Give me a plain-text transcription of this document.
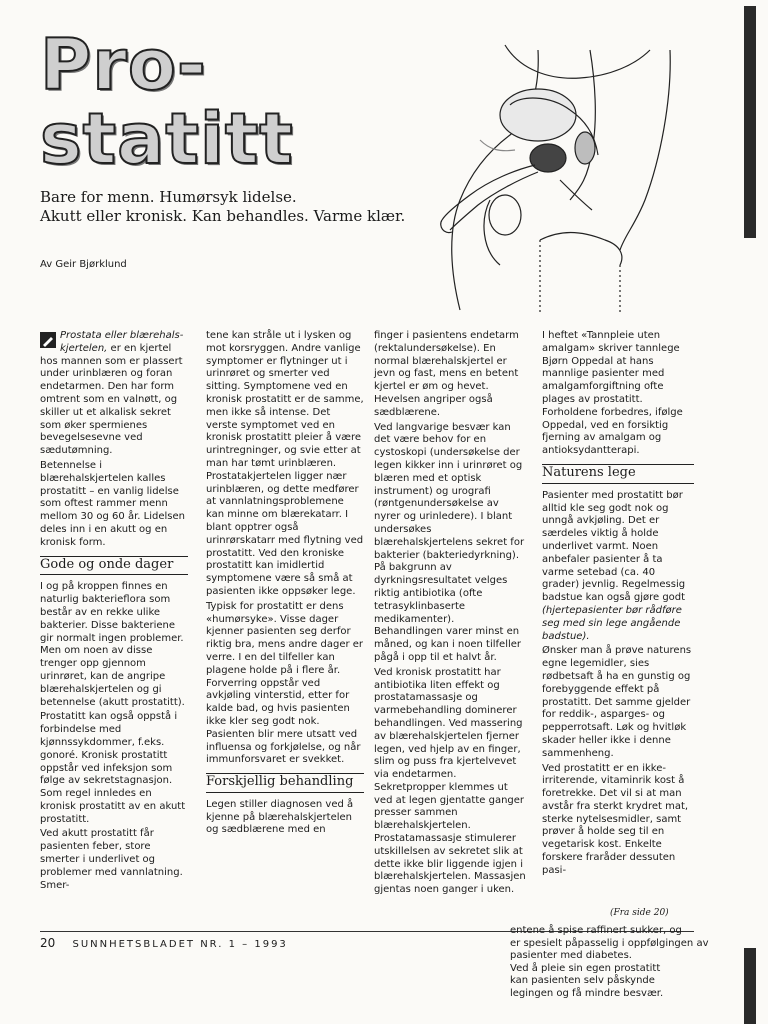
Pro-
statitt
Bare for menn. Humørsyk lidelse.
Akutt eller kronisk. Kan behandles. Varme klær.
Av Geir Bjørklund

Prostata eller blærehals-kjertelen, er en kjertel hos mannen som er plassert under urinblæren og foran endetarmen. Den har form omtrent som en valnøtt, og skiller ut et alkalisk sekret som øker spermienes bevegelsesevne ved sædutømning.

Betennelse i blærehalskjertelen kalles prostatitt – en vanlig lidelse som oftest rammer menn mellom 30 og 60 år. Lidelsen deles inn i en akutt og en kronisk form.

Gode og onde dager

I og på kroppen finnes en naturlig bakterieflora som består av en rekke ulike bakterier. Disse bakteriene gir normalt ingen problemer. Men om noen av disse trenger opp gjennom urinrøret, kan de angripe blærehalskjertelen og gi betennelse (akutt prostatitt).

Prostatitt kan også oppstå i forbindelse med kjønnssykdommer, f.eks. gonoré. Kronisk prostatitt oppstår ved infeksjon som følge av sekretstagnasjon. Som regel innledes en kronisk prostatitt av en akutt prostatitt.

Ved akutt prostatitt får pasienten feber, store smerter i underlivet og problemer med vannlatning. Smer-

tene kan stråle ut i lysken og mot korsryggen. Andre vanlige symptomer er flytninger ut i urinrøret og smerter ved sitting. Symptomene ved en kronisk prostatitt er de samme, men ikke så intense. Det verste symptomet ved en kronisk prostatitt pleier å være urintregninger, og svie etter at man har tømt urinblæren. Prostatakjertelen ligger nær urinblæren, og dette medfører at vannlatningsproblemene kan minne om blærekatarr. I blant opptrer også urinrørskatarr med flytning ved prostatitt. Ved den kroniske prostatitt kan imidlertid symptomene være så små at pasienten ikke oppsøker lege.

Typisk for prostatitt er dens «humørsyke». Visse dager kjenner pasienten seg derfor riktig bra, mens andre dager er verre. I en del tilfeller kan plagene holde på i flere år. Forverring oppstår ved avkjøling vinterstid, etter for kalde bad, og hvis pasienten ikke kler seg godt nok. Pasienten blir mere utsatt ved influensa og forkjølelse, og når immunforsvaret er svekket.

Forskjellig behandling

Legen stiller diagnosen ved å kjenne på blærehalskjertelen og sædblærene med en

finger i pasientens endetarm (rektalundersøkelse). En normal blærehalskjertel er jevn og fast, mens en betent kjertel er øm og hevet. Hevelsen angriper også sædblærene.

Ved langvarige besvær kan det være behov for en cystoskopi (undersøkelse der legen kikker inn i urinrøret og blæren med et optisk instrument) og urografi (røntgenundersøkelse av nyrer og urinledere). I blant undersøkes blærehalskjertelens sekret for bakterier (bakteriedyrkning). På bakgrunn av dyrkningsresultatet velges riktig antibiotika (ofte tetrasyklinbaserte medikamenter). Behandlingen varer minst en måned, og kan i noen tilfeller pågå i opp til et halvt år.

Ved kronisk prostatitt har antibiotika liten effekt og prostatamassasje og varmebehandling dominerer behandlingen. Ved massering av blærehalskjertelen fjerner legen, ved hjelp av en finger, slim og puss fra kjertelvevet via endetarmen. Sekretpropper klemmes ut ved at legen gjentatte ganger presser sammen blærehalskjertelen. Prostatamassasje stimulerer utskillelsen av sekretet slik at dette ikke blir liggende igjen i blærehalskjertelen. Massasjen gjentas noen ganger i uken.

I heftet «Tannpleie uten amalgam» skriver tannlege Bjørn Oppedal at hans mannlige pasienter med amalgamforgiftning ofte plages av prostatitt. Forholdene forbedres, ifølge Oppedal, ved en forsiktig fjerning av amalgam og antioksydantterapi.

Naturens lege

Pasienter med prostatitt bør alltid kle seg godt nok og unngå avkjøling. Det er særdeles viktig å holde underlivet varmt. Noen anbefaler pasienter å ta varme setebad (ca. 40 grader) jevnlig. Regelmessig badstue kan også gjøre godt (hjertepasienter bør rådføre seg med sin lege angående badstue).

Ønsker man å prøve naturens egne legemidler, sies rødbetsaft å ha en gunstig og forebyggende effekt på prostatitt. Det samme gjelder for reddik-, asparges- og pepperrotsaft. Løk og hvitløk skader heller ikke i denne sammenheng.

Ved prostatitt er en ikke-irriterende, vitaminrik kost å foretrekke. Det vil si at man avstår fra sterkt krydret mat, sterke nytelsesmidler, samt prøver å holde seg til en vegetarisk kost. Enkelte forskere fraråder dessuten pasi-

(Fra side 20)
20 SUNNHETSBLADET NR. 1 – 1993
entene å spise raffinert sukker, og
er spesielt påpasselig i oppfølgingen av pasienter med diabetes.
Ved å pleie sin egen prostatitt
kan pasienten selv påskynde
legingen og få mindre besvær.
